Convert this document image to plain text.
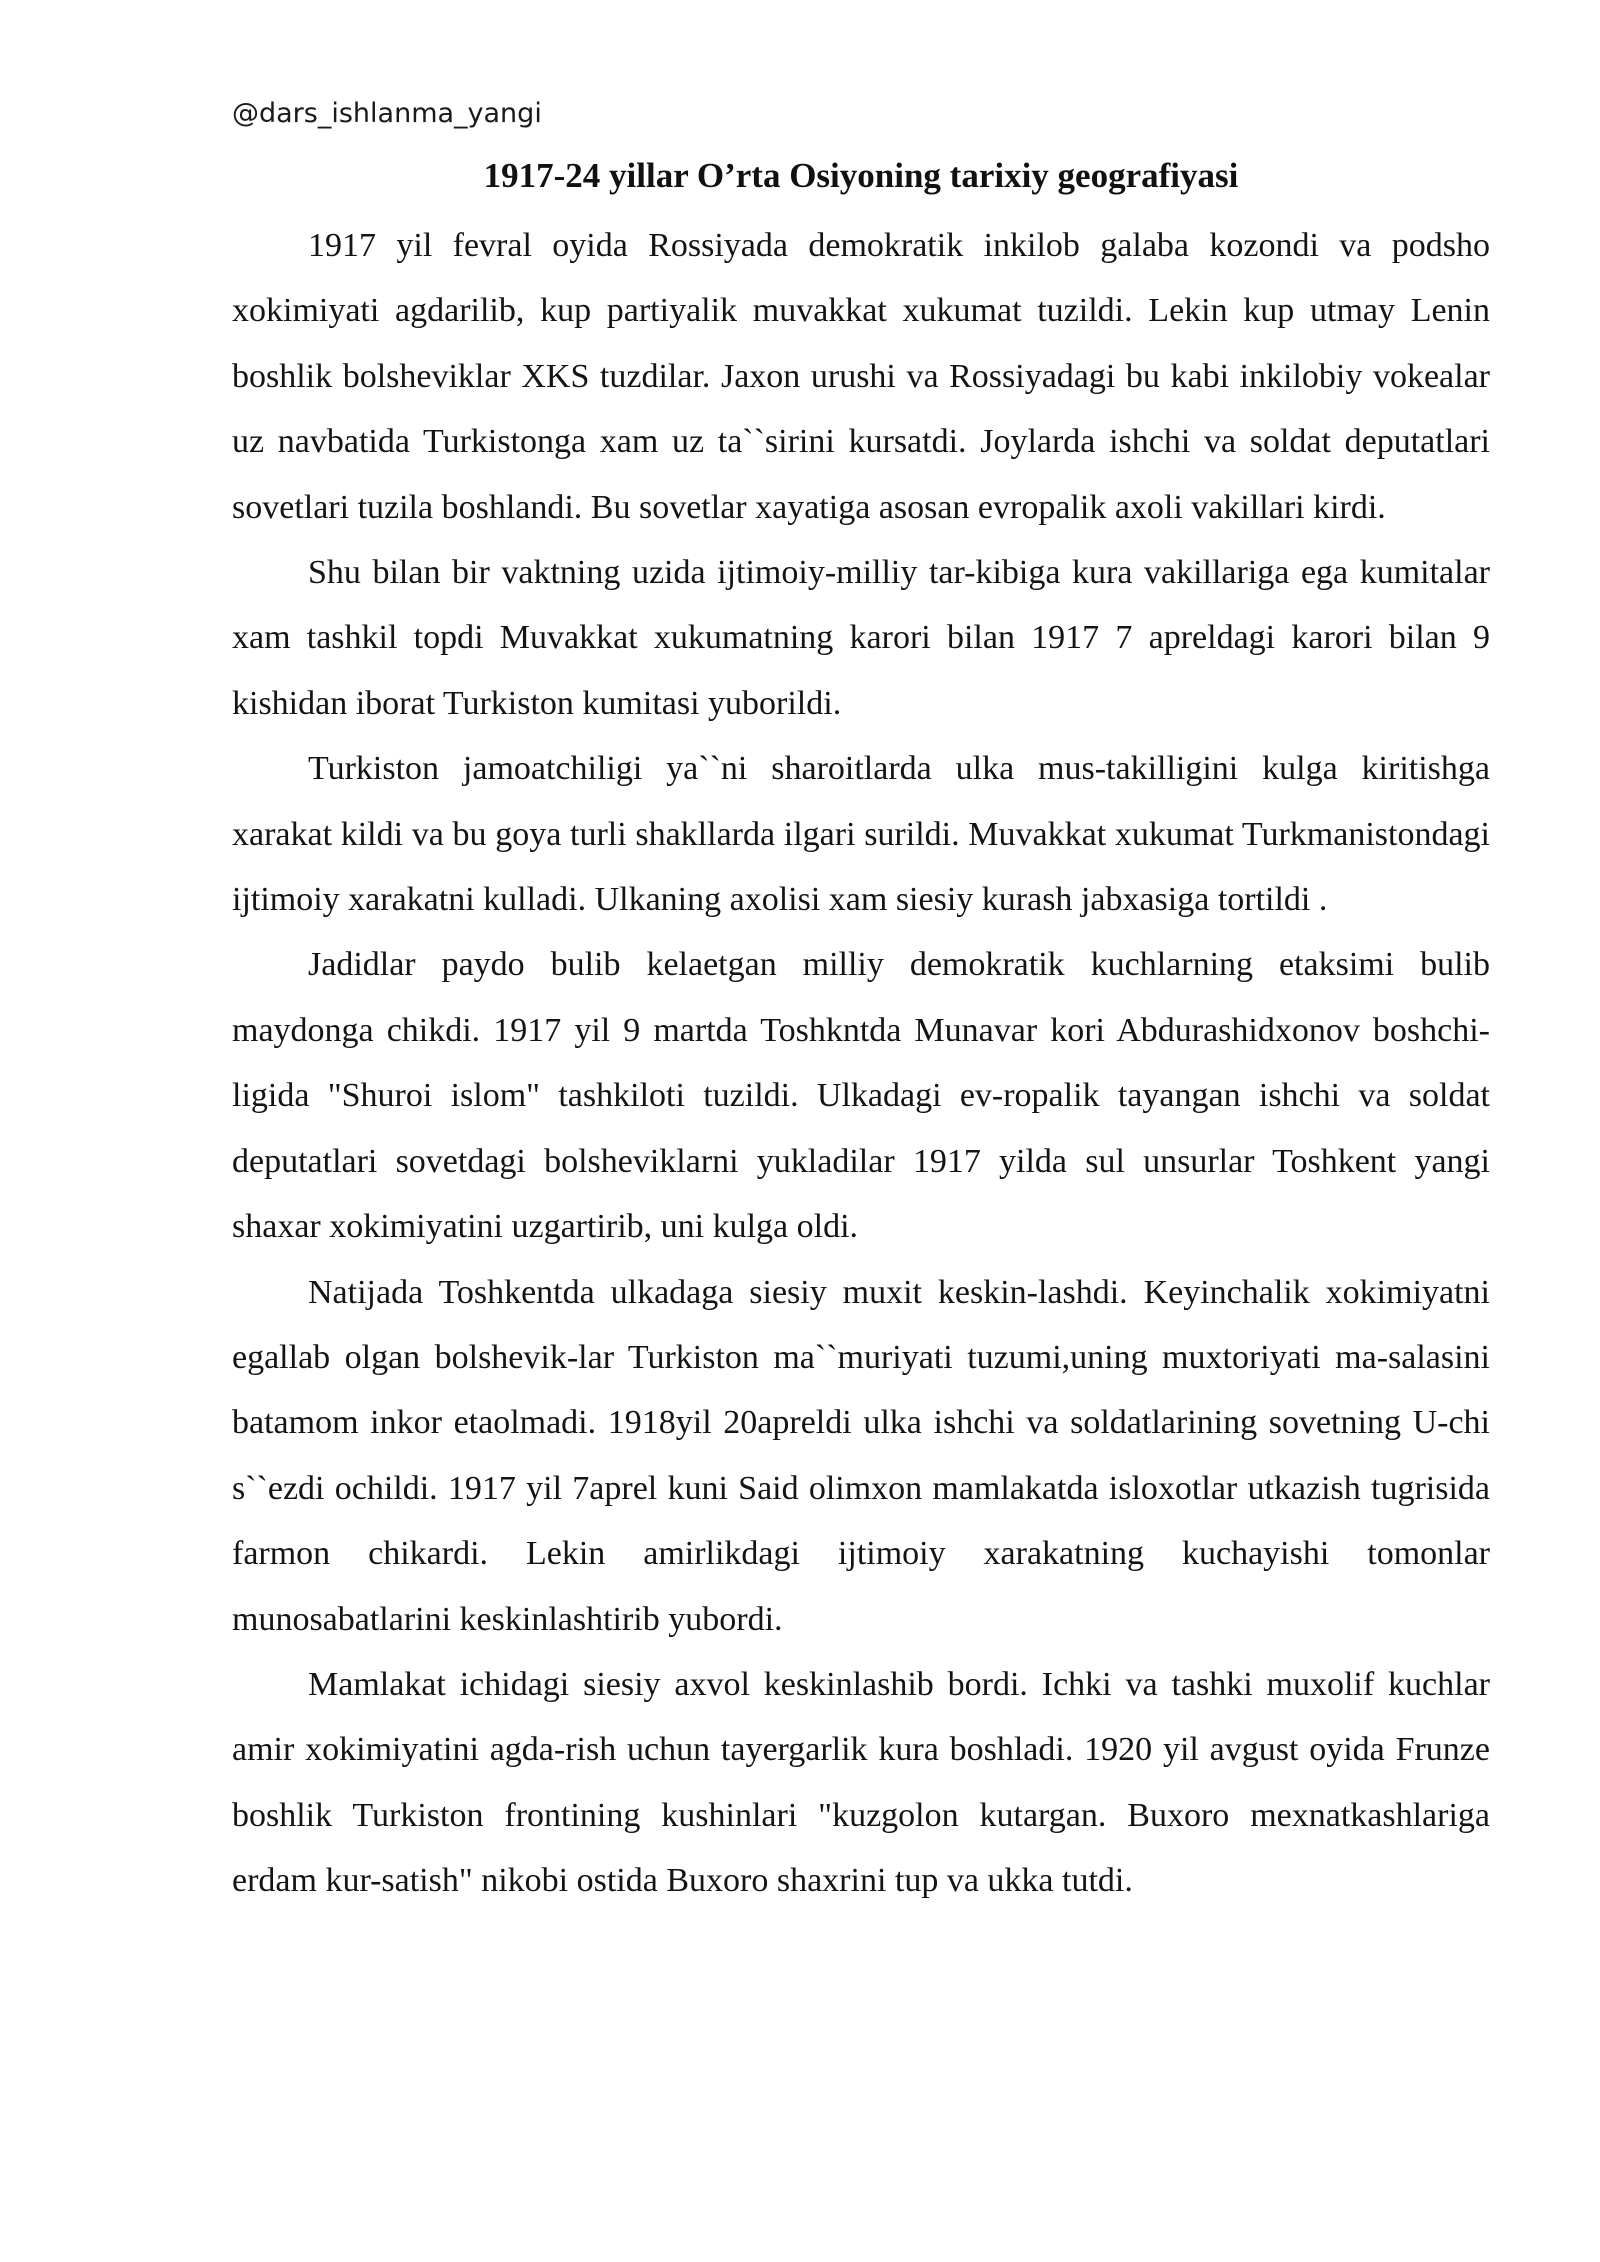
@dars_ishlanma_yangi
1917-24 yillar O’rta Osiyoning tarixiy geografiyasi

1917 yil fevral oyida Rossiyada demokratik inkilob galaba kozondi va podsho xokimiyati agdarilib, kup partiyalik muvakkat xukumat tuzildi. Lekin kup utmay Lenin boshlik bolsheviklar XKS tuzdilar. Jaxon urushi va Rossiyadagi bu kabi inkilobiy vokealar uz navbatida Turkistonga xam uz ta``sirini kursatdi. Joylarda ishchi va soldat deputatlari sovetlari tuzila boshlandi. Bu sovetlar xayatiga asosan evropalik axoli vakillari kirdi.

Shu bilan bir vaktning uzida ijtimoiy-milliy tar-kibiga kura vakillariga ega kumitalar xam tashkil topdi Muvakkat xukumatning karori bilan 1917 7 apreldagi karori bilan 9 kishidan iborat Turkiston kumitasi yuborildi.

Turkiston jamoatchiligi ya``ni sharoitlarda ulka mus-takilligini kulga kiritishga xarakat kildi va bu goya turli shakllarda ilgari surildi. Muvakkat xukumat Turkmanistondagi ijtimoiy xarakatni kulladi. Ulkaning axolisi xam siesiy kurash jabxasiga tortildi .

Jadidlar paydo bulib kelaetgan milliy demokratik kuchlarning etaksimi bulib maydonga chikdi. 1917 yil 9 martda Toshkntda Munavar kori Abdurashidxonov boshchi-ligida "Shuroi islom" tashkiloti tuzildi. Ulkadagi ev-ropalik tayangan ishchi va soldat deputatlari sovetdagi bolsheviklarni yukladilar 1917 yilda sul unsurlar Toshkent yangi shaxar xokimiyatini uzgartirib, uni kulga oldi.

Natijada Toshkentda ulkadaga siesiy muxit keskin-lashdi. Keyinchalik xokimiyatni egallab olgan bolshevik-lar Turkiston ma``muriyati tuzumi,uning muxtoriyati ma-salasini batamom inkor etaolmadi. 1918yil 20apreldi ulka ishchi va soldatlarining sovetning U-chi s``ezdi ochildi. 1917 yil 7aprel kuni Said olimxon mamlakatda isloxotlar utkazish tugrisida farmon chikardi. Lekin amirlikdagi ijtimoiy xarakatning kuchayishi tomonlar munosabatlarini keskinlashtirib yubordi.

Mamlakat ichidagi siesiy axvol keskinlashib bordi. Ichki va tashki muxolif kuchlar amir xokimiyatini agda-rish uchun tayergarlik kura boshladi. 1920 yil avgust oyida Frunze boshlik Turkiston frontining kushinlari "kuzgolon kutargan. Buxoro mexnatkashlariga erdam kur-satish" nikobi ostida Buxoro shaxrini tup va ukka tutdi.
